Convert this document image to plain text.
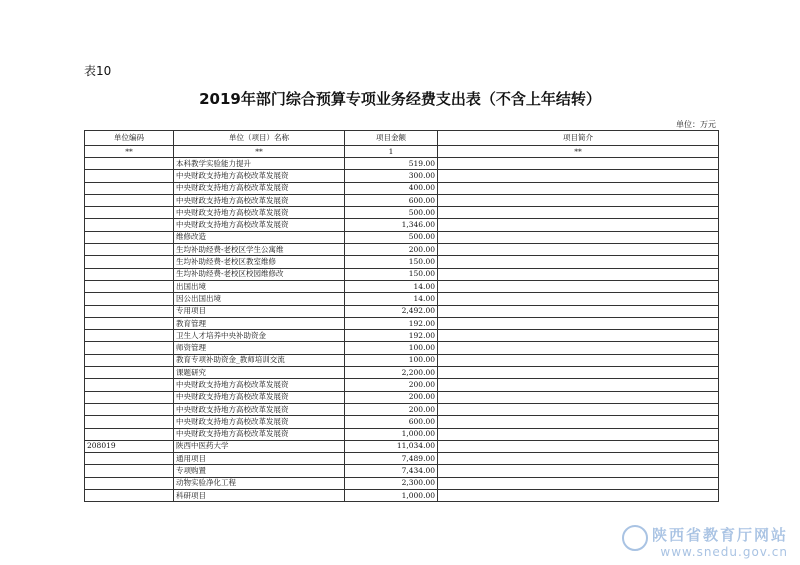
表10
2019年部门综合预算专项业务经费支出表（不含上年结转）
单位：万元
单位编码	单位（项目）名称	项目金额	项目简介
**	**	1	**
	本科教学实验能力提升	519.00	
	中央财政支持地方高校改革发展资	300.00	
	中央财政支持地方高校改革发展资	400.00	
	中央财政支持地方高校改革发展资	600.00	
	中央财政支持地方高校改革发展资	500.00	
	中央财政支持地方高校改革发展资	1,346.00	
	维修改造	500.00	
	生均补助经费-老校区学生公寓维	200.00	
	生均补助经费-老校区教室维修	150.00	
	生均补助经费-老校区校园维修改	150.00	
	出国出境	14.00	
	因公出国出境	14.00	
	专用项目	2,492.00	
	教育管理	192.00	
	卫生人才培养中央补助资金	192.00	
	师资管理	100.00	
	教育专项补助资金_教师培训交流	100.00	
	课题研究	2,200.00	
	中央财政支持地方高校改革发展资	200.00	
	中央财政支持地方高校改革发展资	200.00	
	中央财政支持地方高校改革发展资	200.00	
	中央财政支持地方高校改革发展资	600.00	
	中央财政支持地方高校改革发展资	1,000.00	
208019	陕西中医药大学	11,034.00	
	通用项目	7,489.00	
	专项购置	7,434.00	
	动物实验净化工程	2,300.00	
	科研项目	1,000.00	
陕西省教育厅网站
www.snedu.gov.cn
